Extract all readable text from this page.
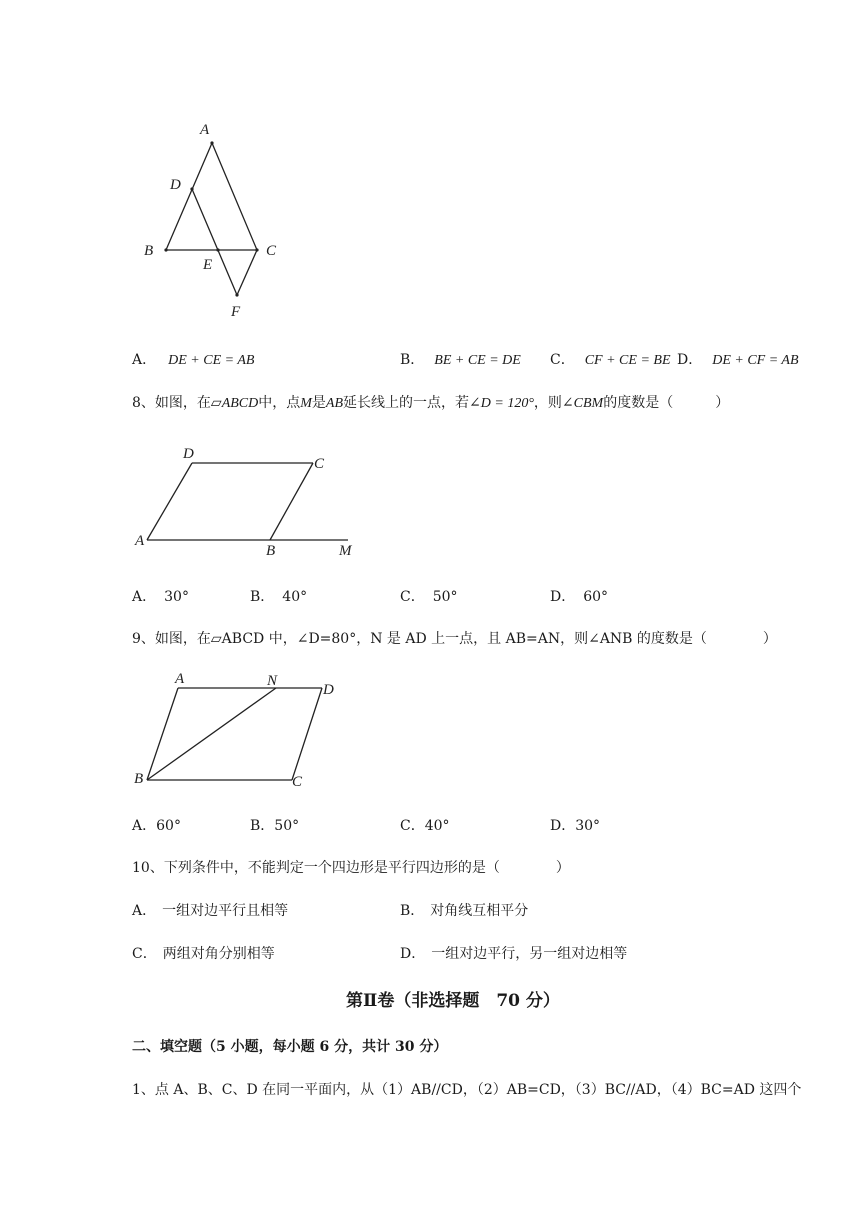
A
D
B
E
C
F
A． DE + CE = AB	B． BE + CE = DE C． CF + CE = BE D． DE + CF = AB
8、如图，在▱ABCD中，点M是AB延长线上的一点，若∠D = 120°，则∠CBM的度数是（　　　）
D
C
A
B	M
A． 30°	B． 40°	C． 50°	D． 60°
9、如图，在▱ABCD 中，∠D=80°，N 是 AD 上一点，且 AB=AN，则∠ANB 的度数是（　　　　）
A	N
D
B	C
A．60°	B．50°	C．40°	D．30°
10、下列条件中，不能判定一个四边形是平行四边形的是（　　　　）
A． 一组对边平行且相等	B． 对角线互相平分
C． 两组对角分别相等	D． 一组对边平行，另一组对边相等
第Ⅱ卷（非选择题　70 分）
二、填空题（5 小题，每小题 6 分，共计 30 分）
1、点 A、B、C、D 在同一平面内，从（1）AB//CD，（2）AB=CD，（3）BC//AD，（4）BC=AD 这四个
